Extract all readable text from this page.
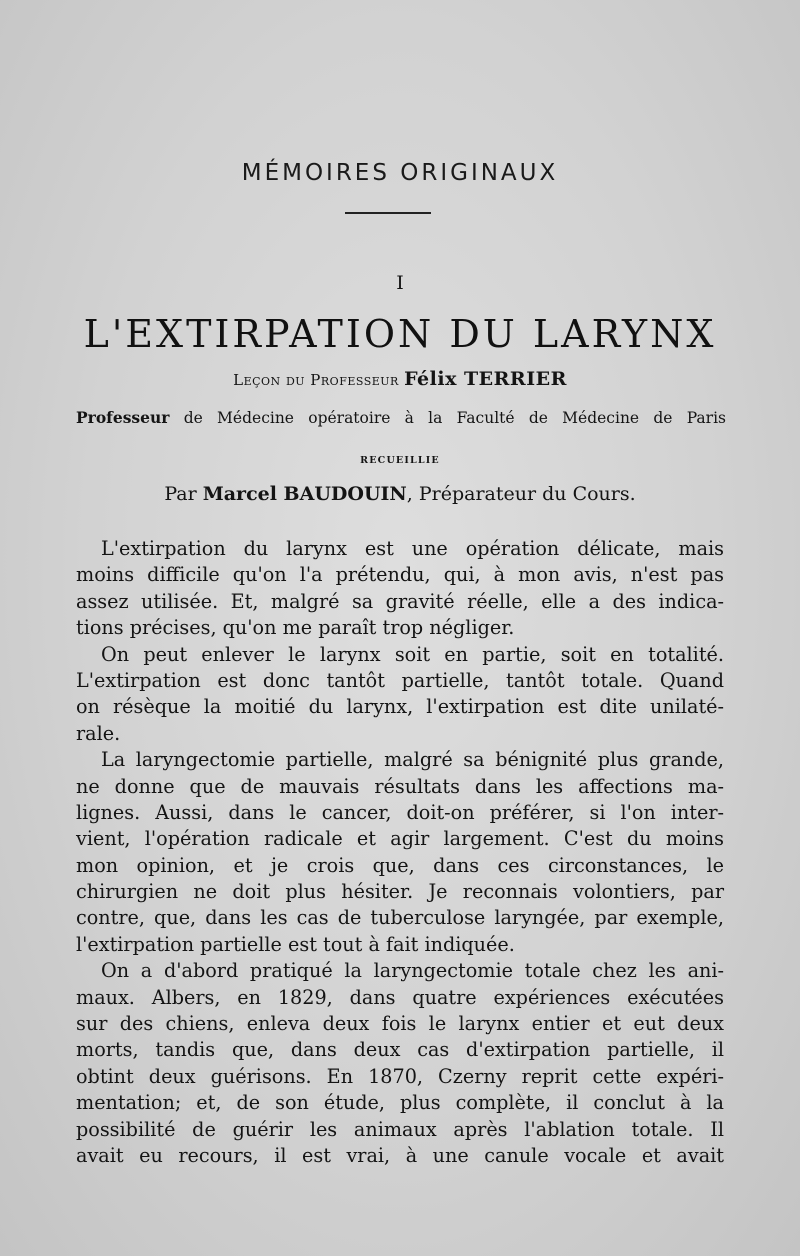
MÉMOIRES ORIGINAUX
I
L'EXTIRPATION DU LARYNX
Leçon du Professeur Félix TERRIER
Professeur de Médecine opératoire à la Faculté de Médecine de Paris
RECUEILLIE
Par Marcel BAUDOUIN, Préparateur du Cours.
L'extirpation du larynx est une opération délicate, mais
moins difficile qu'on l'a prétendu, qui, à mon avis, n'est pas
assez utilisée. Et, malgré sa gravité réelle, elle a des indica-
tions précises, qu'on me paraît trop négliger.
On peut enlever le larynx soit en partie, soit en totalité.
L'extirpation est donc tantôt partielle, tantôt totale. Quand
on résèque la moitié du larynx, l'extirpation est dite unilaté-
rale.
La laryngectomie partielle, malgré sa bénignité plus grande,
ne donne que de mauvais résultats dans les affections ma-
lignes. Aussi, dans le cancer, doit-on préférer, si l'on inter-
vient, l'opération radicale et agir largement. C'est du moins
mon opinion, et je crois que, dans ces circonstances, le
chirurgien ne doit plus hésiter. Je reconnais volontiers, par
contre, que, dans les cas de tuberculose laryngée, par exemple,
l'extirpation partielle est tout à fait indiquée.
On a d'abord pratiqué la laryngectomie totale chez les ani-
maux. Albers, en 1829, dans quatre expériences exécutées
sur des chiens, enleva deux fois le larynx entier et eut deux
morts, tandis que, dans deux cas d'extirpation partielle, il
obtint deux guérisons. En 1870, Czerny reprit cette expéri-
mentation; et, de son étude, plus complète, il conclut à la
possibilité de guérir les animaux après l'ablation totale. Il
avait eu recours, il est vrai, à une canule vocale et avait
